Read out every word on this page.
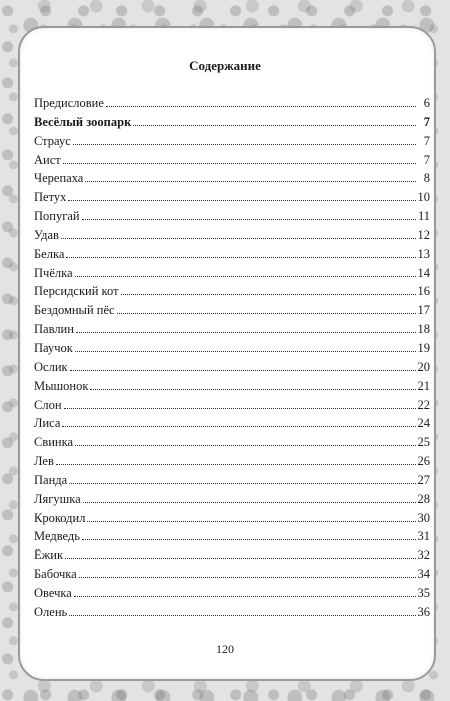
Содержание
Предисловие	6
Весёлый зоопарк	7
Страус	7
Аист	7
Черепаха	8
Петух	10
Попугай	11
Удав	12
Белка	13
Пчёлка	14
Персидский кот	16
Бездомный пёс	17
Павлин	18
Паучок	19
Ослик	20
Мышонок	21
Слон	22
Лиса	24
Свинка	25
Лев	26
Панда	27
Лягушка	28
Крокодил	30
Медведь	31
Ёжик	32
Бабочка	34
Овечка	35
Олень	36
120
